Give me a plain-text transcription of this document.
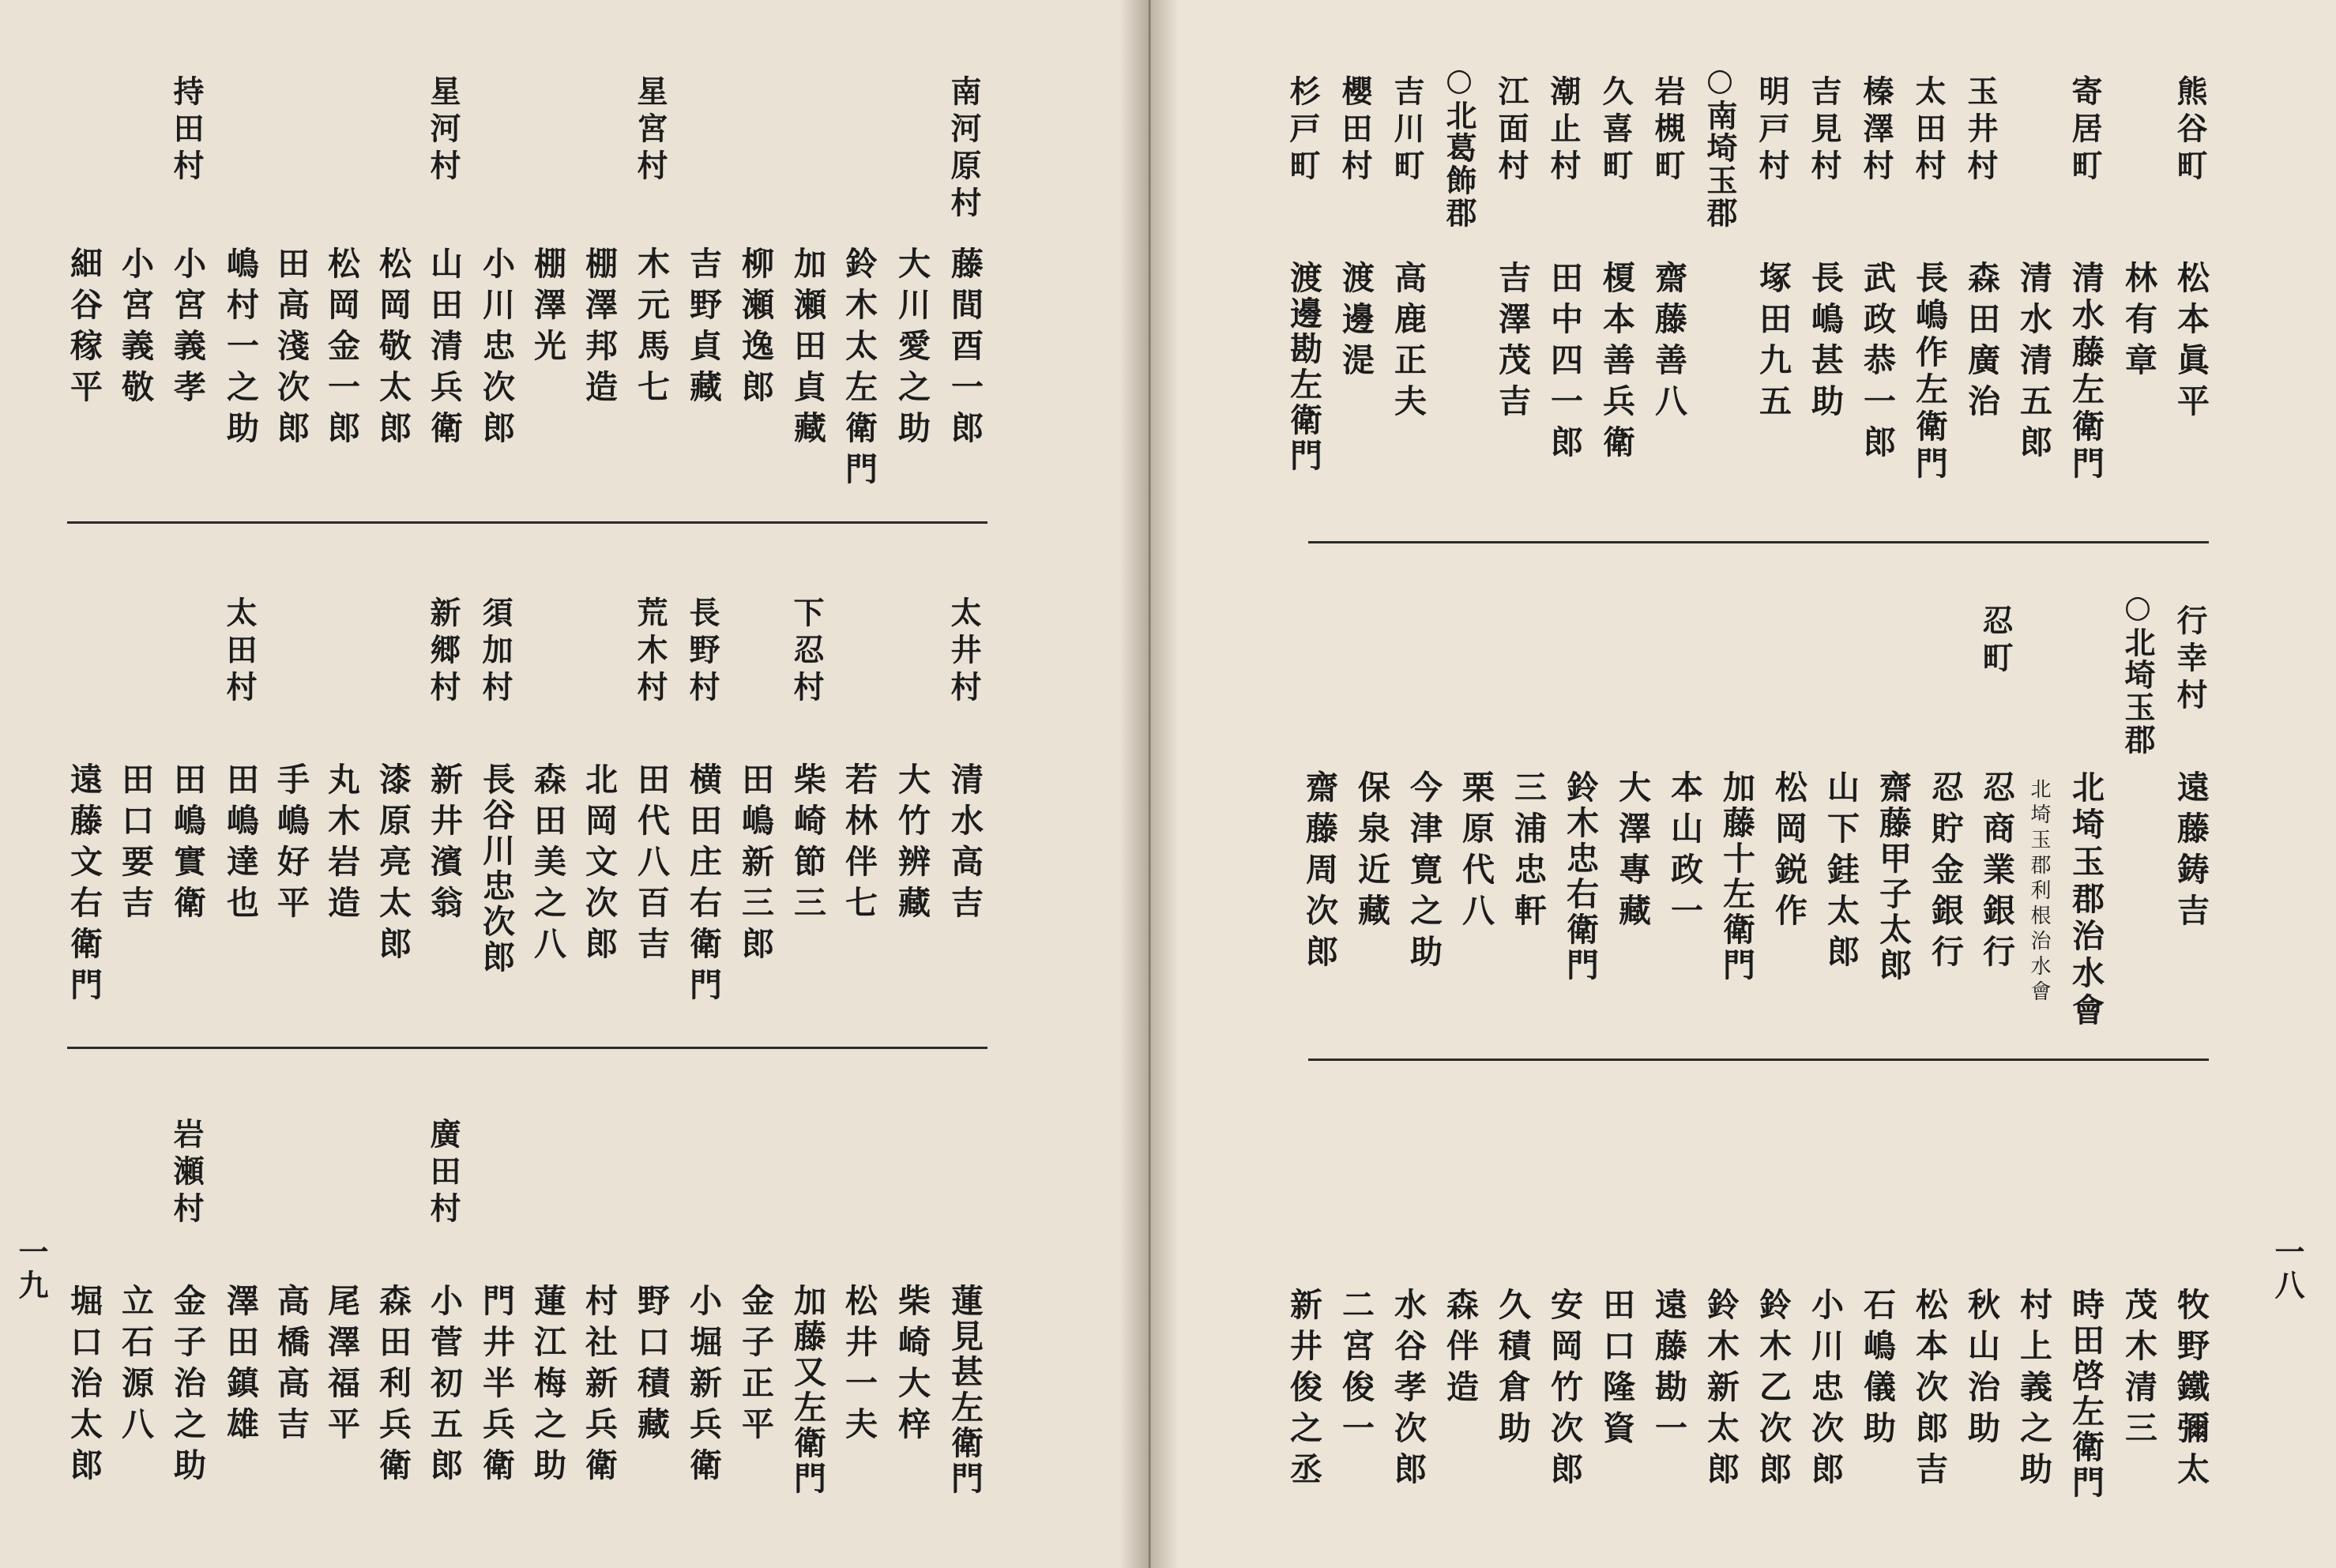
南河原村
藤間酉一郎
大川愛之助
鈴木太左衛門
加瀬田貞藏
柳瀬逸郎
吉野貞藏
星宮村
木元馬七
棚澤邦造
棚澤光
小川忠次郎
星河村
山田清兵衛
松岡敬太郎
松岡金一郎
田高淺次郎
嶋村一之助
持田村
小宮義孝
小宮義敬
細谷稼平
太井村
清水高吉
大竹辨藏
若林伴七
下忍村
柴崎節三
田嶋新三郎
長野村
横田庄右衛門
荒木村
田代八百吉
北岡文次郎
森田美之八
須加村
長谷川忠次郎
新郷村
新井濱翁
漆原亮太郎
丸木岩造
手嶋好平
太田村
田嶋達也
田嶋實衛
田口要吉
遠藤文右衛門
蓮見甚左衛門
柴崎大梓
松井一夫
加藤又左衛門
金子正平
小堀新兵衛
野口積藏
村社新兵衛
蓮江梅之助
門井半兵衛
廣田村
小菅初五郎
森田利兵衛
尾澤福平
高橋高吉
澤田鎮雄
岩瀬村
金子治之助
立石源八
堀口治太郎
一九
熊谷町
松本眞平
林有章
寄居町
清水藤左衛門
清水清五郎
玉井村
森田廣治
太田村
長嶋作左衛門
榛澤村
武政恭一郎
吉見村
長嶋甚助
明戸村
塚田九五
○南埼玉郡
岩槻町
齋藤善八
久喜町
榎本善兵衛
潮止村
田中四一郎
江面村
吉澤茂吉
○北葛飾郡
吉川町
高鹿正夫
櫻田村
渡邊湜
杉戸町
渡邊勘左衛門
行幸村
遠藤鋳吉
○北埼玉郡
北埼玉郡治水會
北埼玉郡利根治水會
忍町
忍商業銀行
忍貯金銀行
齋藤甲子太郎
山下銈太郎
松岡鋭作
加藤十左衛門
本山政一
大澤專藏
鈴木忠右衛門
三浦忠軒
栗原代八
今津寛之助
保泉近藏
齋藤周次郎
牧野鐵彌太
茂木清三
時田啓左衛門
村上義之助
秋山治助
松本次郎吉
石嶋儀助
小川忠次郎
鈴木乙次郎
鈴木新太郎
遠藤勘一
田口隆資
安岡竹次郎
久積倉助
森伴造
水谷孝次郎
二宮俊一
新井俊之丞
一八
